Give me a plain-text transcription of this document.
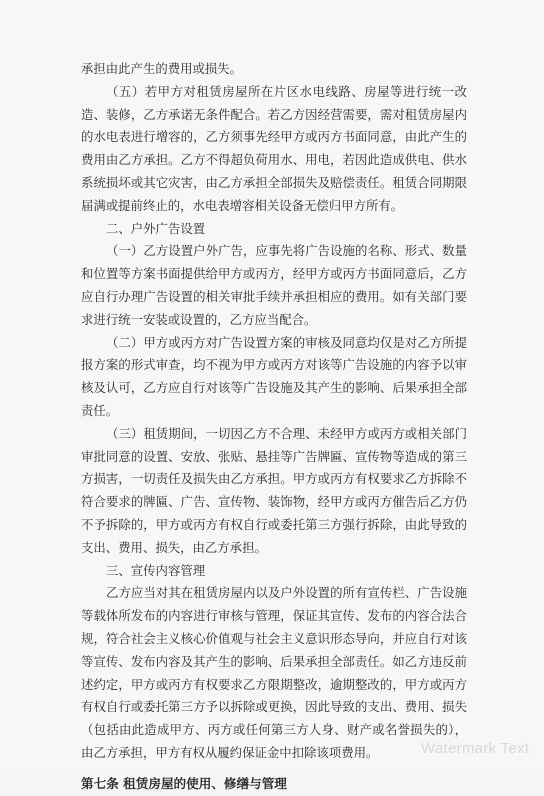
承担由此产生的费用或损失。

（五）若甲方对租赁房屋所在片区水电线路、房屋等进行统一改造、装修，乙方承诺无条件配合。若乙方因经营需要，需对租赁房屋内的水电表进行增容的，乙方须事先经甲方或丙方书面同意，由此产生的费用由乙方承担。乙方不得超负荷用水、用电，若因此造成供电、供水系统损坏或其它灾害，由乙方承担全部损失及赔偿责任。租赁合同期限届满或提前终止的，水电表增容相关设备无偿归甲方所有。

二、户外广告设置

（一）乙方设置户外广告，应事先将广告设施的名称、形式、数量和位置等方案书面提供给甲方或丙方，经甲方或丙方书面同意后，乙方应自行办理广告设置的相关审批手续并承担相应的费用。如有关部门要求进行统一安装或设置的，乙方应当配合。

（二）甲方或丙方对广告设置方案的审核及同意均仅是对乙方所提报方案的形式审查，均不视为甲方或丙方对该等广告设施的内容予以审核及认可，乙方应自行对该等广告设施及其产生的影响、后果承担全部责任。

（三）租赁期间，一切因乙方不合理、未经甲方或丙方或相关部门审批同意的设置、安放、张贴、悬挂等广告牌匾、宣传物等造成的第三方损害，一切责任及损失由乙方承担。甲方或丙方有权要求乙方拆除不符合要求的牌匾、广告、宣传物、装饰物，经甲方或丙方催告后乙方仍不予拆除的，甲方或丙方有权自行或委托第三方强行拆除，由此导致的支出、费用、损失，由乙方承担。

三、宣传内容管理

乙方应当对其在租赁房屋内以及户外设置的所有宣传栏、广告设施等载体所发布的内容进行审核与管理，保证其宣传、发布的内容合法合规，符合社会主义核心价值观与社会主义意识形态导向，并应自行对该等宣传、发布内容及其产生的影响、后果承担全部责任。如乙方违反前述约定，甲方或丙方有权要求乙方限期整改，逾期整改的，甲方或丙方有权自行或委托第三方予以拆除或更换，因此导致的支出、费用、损失（包括由此造成甲方、丙方或任何第三方人身、财产或名誉损失的），由乙方承担，甲方有权从履约保证金中扣除该项费用。

第七条 租赁房屋的使用、修缮与管理

Watermark Text
